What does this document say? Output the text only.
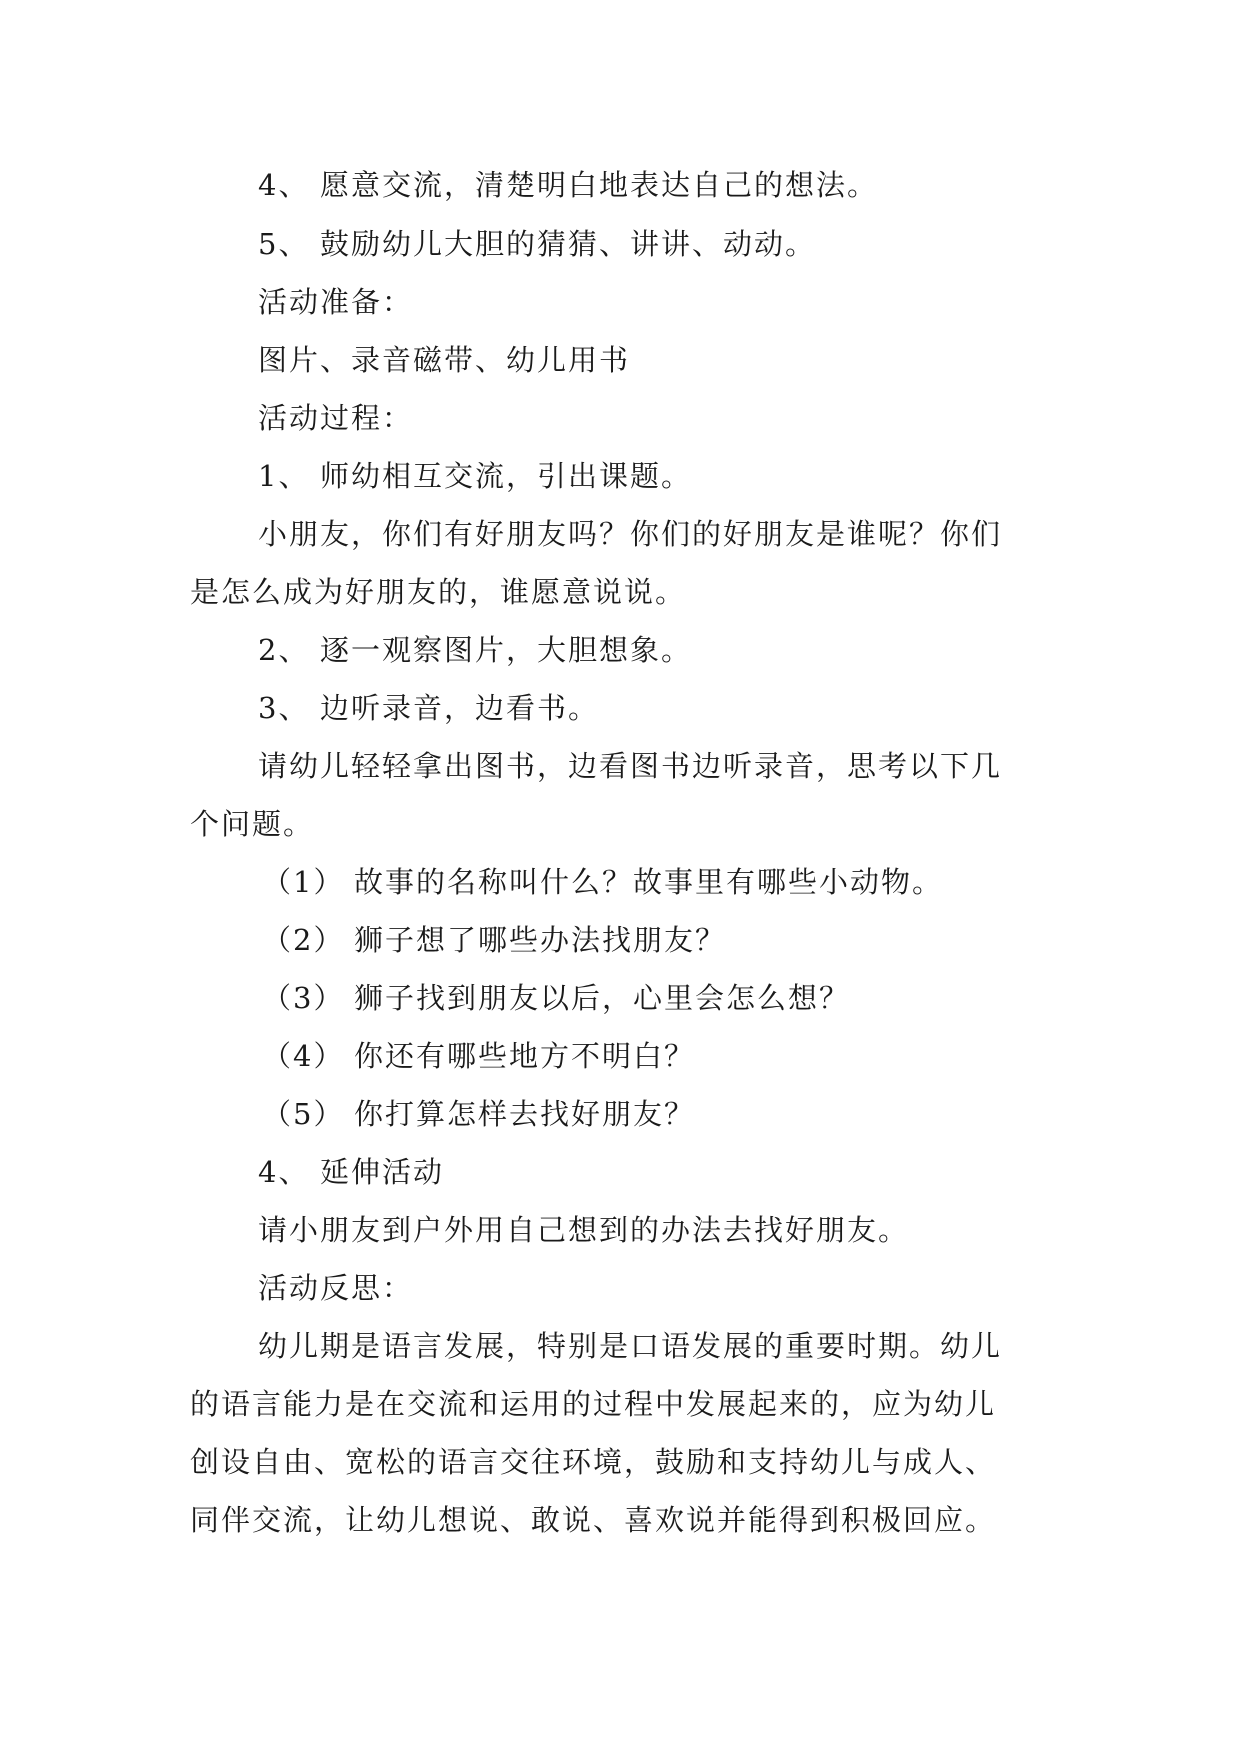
4、 愿意交流，清楚明白地表达自己的想法。
5、 鼓励幼儿大胆的猜猜、讲讲、动动。
活动准备：
图片、录音磁带、幼儿用书
活动过程：
1、 师幼相互交流，引出课题。
小朋友，你们有好朋友吗？你们的好朋友是谁呢？你们
是怎么成为好朋友的，谁愿意说说。
2、 逐一观察图片，大胆想象。
3、 边听录音，边看书。
请幼儿轻轻拿出图书，边看图书边听录音，思考以下几
个问题。
（1） 故事的名称叫什么？故事里有哪些小动物。
（2） 狮子想了哪些办法找朋友？
（3） 狮子找到朋友以后，心里会怎么想？
（4） 你还有哪些地方不明白？
（5） 你打算怎样去找好朋友？
4、 延伸活动
请小朋友到户外用自己想到的办法去找好朋友。
活动反思：
幼儿期是语言发展，特别是口语发展的重要时期。幼儿
的语言能力是在交流和运用的过程中发展起来的，应为幼儿
创设自由、宽松的语言交往环境，鼓励和支持幼儿与成人、
同伴交流，让幼儿想说、敢说、喜欢说并能得到积极回应。
